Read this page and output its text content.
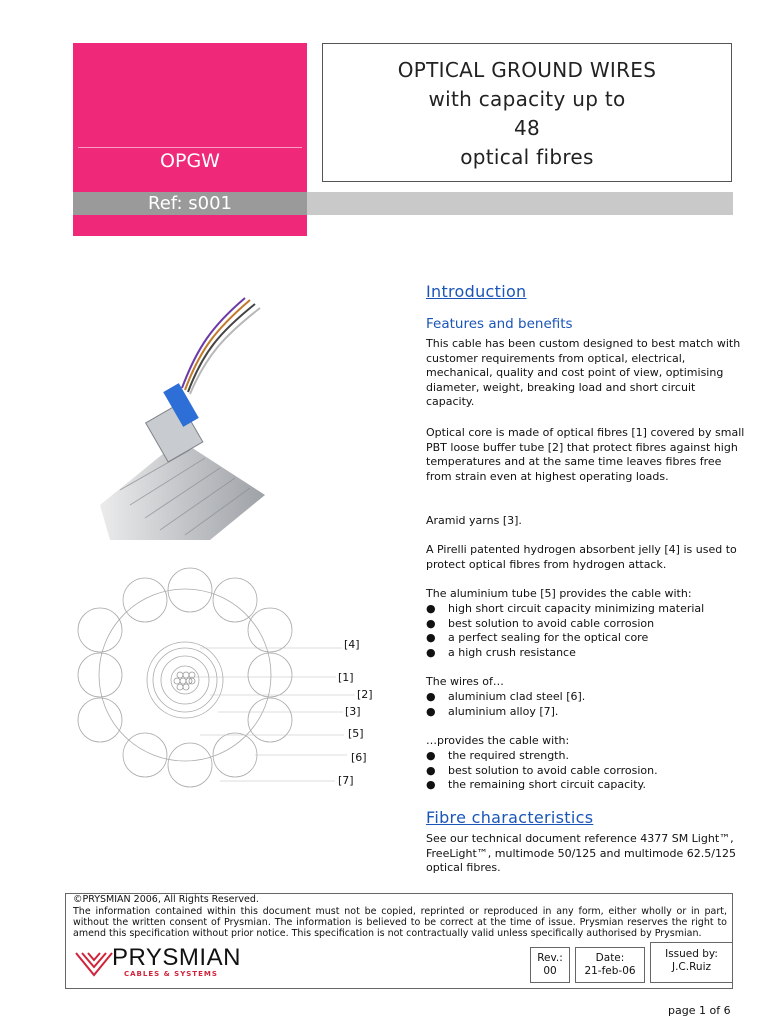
OPGW
Ref: s001
OPTICAL GROUND WIRES
with capacity up to
48
optical fibres
[4]
[1]
[2]
[3]
[5]
[6]
[7]
Introduction
Features and benefits
This cable has been custom designed to best match with customer requirements from optical, electrical, mechanical, quality and cost point of view, optimising diameter, weight, breaking load and short circuit capacity.
Optical core is made of optical fibres [1] covered by small PBT loose buffer tube [2] that protect fibres against high temperatures and at the same time leaves fibres free from strain even at highest operating loads.
Aramid yarns [3].
A Pirelli patented hydrogen absorbent jelly [4] is used to protect optical fibres from hydrogen attack.
The aluminium tube [5] provides the cable with:
● high short circuit capacity minimizing material
● best solution to avoid cable corrosion
● a perfect sealing for the optical core
● a high crush resistance
The wires of…
● aluminium clad steel [6].
● aluminium alloy [7].
…provides the cable with:
● the required strength.
● best solution to avoid cable corrosion.
● the remaining short circuit capacity.
Fibre characteristics
See our technical document reference 4377 SM Light™, FreeLight™, multimode 50/125 and multimode 62.5/125 optical fibres.
©PRYSMIAN 2006, All Rights Reserved.
The information contained within this document must not be copied, reprinted or reproduced in any form, either wholly or in part, without the written consent of Prysmian. The information is believed to be correct at the time of issue. Prysmian reserves the right to amend this specification without prior notice. This specification is not contractually valid unless specifically authorised by Prysmian.
PRYSMIAN
CABLES & SYSTEMS
Rev.:
00
Date:
21-feb-06
Issued by:
J.C.Ruiz
page 1 of 6
